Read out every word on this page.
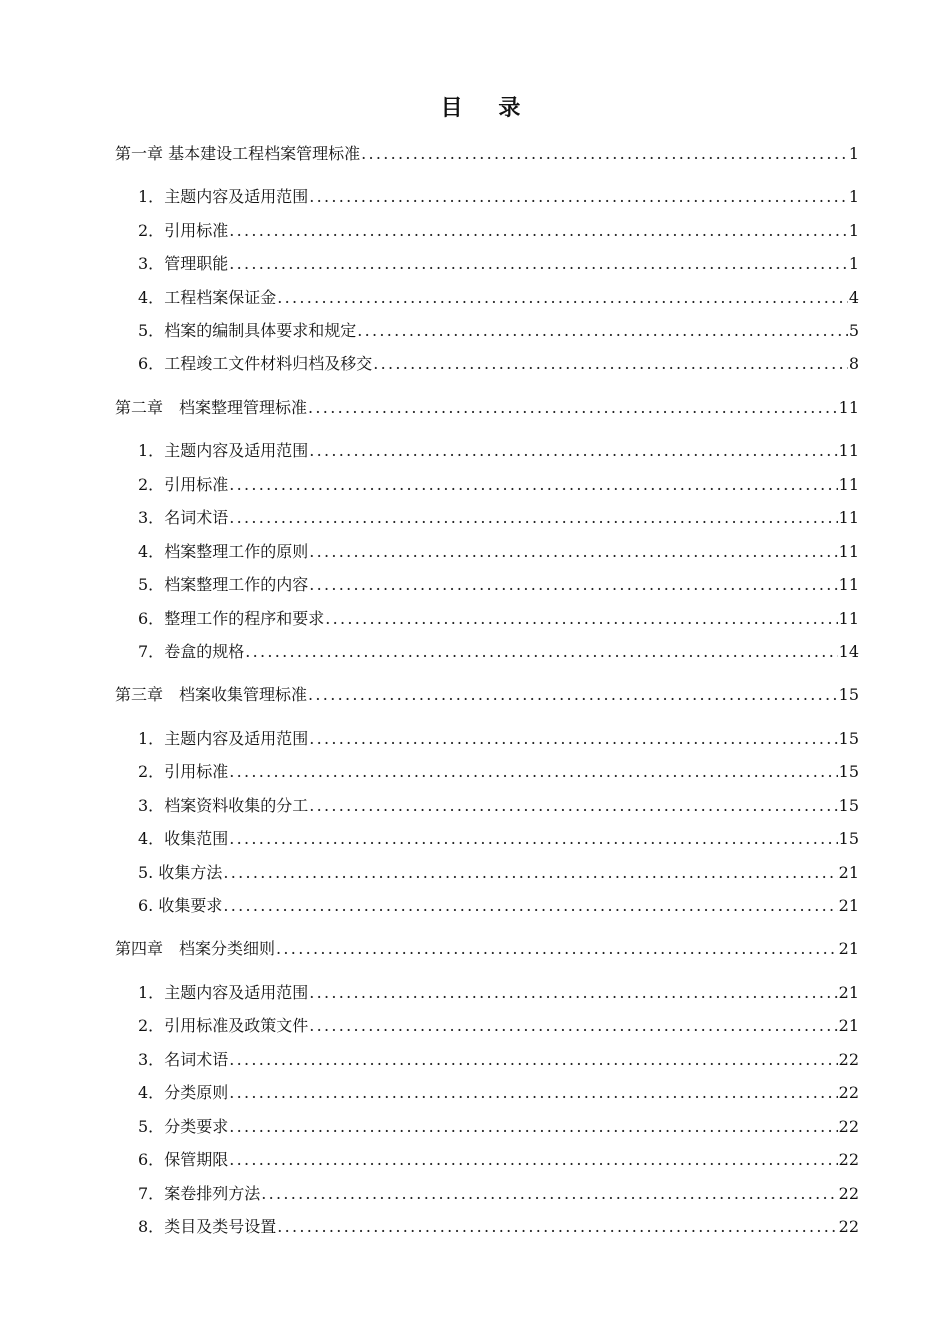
目 录
第一章 基本建设工程档案管理标准 .....	1
1． 主题内容及适用范围 .....	1
2． 引用标准 .....	1
3． 管理职能 .....	1
4． 工程档案保证金 .....	4
5． 档案的编制具体要求和规定 .....	5
6． 工程竣工文件材料归档及移交 .....	8
第二章　 档案整理管理标准 .....	11
1． 主题内容及适用范围 .....	11
2． 引用标准 .....	11
3． 名词术语 .....	11
4． 档案整理工作的原则 .....	11
5． 档案整理工作的内容 .....	11
6． 整理工作的程序和要求 .....	11
7． 卷盒的规格 .....	14
第三章　 档案收集管理标准 .....	15
1． 主题内容及适用范围 .....	15
2． 引用标准 .....	15
3． 档案资料收集的分工 .....	15
4． 收集范围 .....	15
5. 收集方法 .....	21
6. 收集要求 .....	21
第四章　 档案分类细则 .....	21
1． 主题内容及适用范围 .....	21
2． 引用标准及政策文件 .....	21
3． 名词术语 .....	22
4． 分类原则 .....	22
5． 分类要求 .....	22
6． 保管期限 .....	22
7． 案卷排列方法 .....	22
8． 类目及类号设置 .....	22
